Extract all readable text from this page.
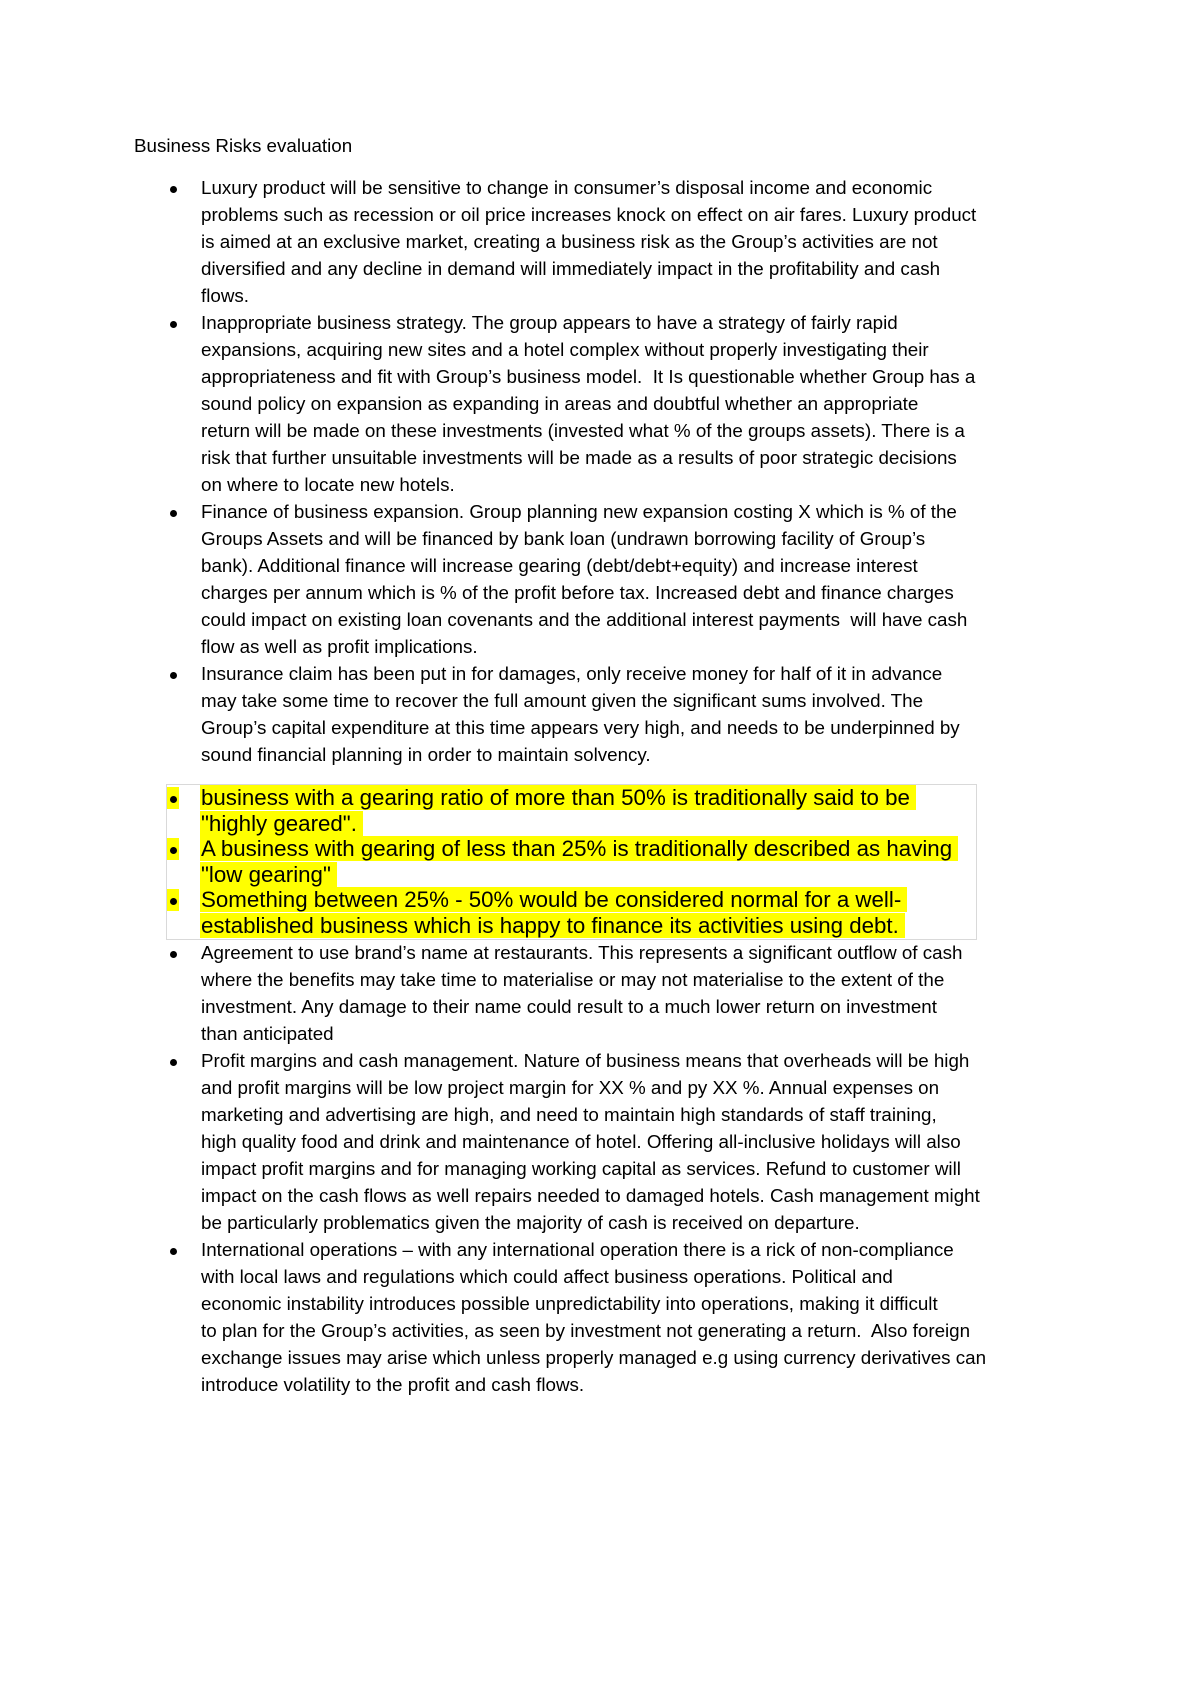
Business Risks evaluation
Luxury product will be sensitive to change in consumer’s disposal income and economic
problems such as recession or oil price increases knock on effect on air fares. Luxury product
is aimed at an exclusive market, creating a business risk as the Group’s activities are not
diversified and any decline in demand will immediately impact in the profitability and cash
flows.
Inappropriate business strategy. The group appears to have a strategy of fairly rapid
expansions, acquiring new sites and a hotel complex without properly investigating their
appropriateness and fit with Group’s business model.  It Is questionable whether Group has a
sound policy on expansion as expanding in areas and doubtful whether an appropriate
return will be made on these investments (invested what % of the groups assets). There is a
risk that further unsuitable investments will be made as a results of poor strategic decisions
on where to locate new hotels.
Finance of business expansion. Group planning new expansion costing X which is % of the
Groups Assets and will be financed by bank loan (undrawn borrowing facility of Group’s
bank). Additional finance will increase gearing (debt/debt+equity) and increase interest
charges per annum which is % of the profit before tax. Increased debt and finance charges
could impact on existing loan covenants and the additional interest payments  will have cash
flow as well as profit implications.
Insurance claim has been put in for damages, only receive money for half of it in advance
may take some time to recover the full amount given the significant sums involved. The
Group’s capital expenditure at this time appears very high, and needs to be underpinned by
sound financial planning in order to maintain solvency.
business with a gearing ratio of more than 50% is traditionally said to be
"highly geared".
A business with gearing of less than 25% is traditionally described as having
"low gearing"
Something between 25% - 50% would be considered normal for a well-
established business which is happy to finance its activities using debt.
Agreement to use brand’s name at restaurants. This represents a significant outflow of cash
where the benefits may take time to materialise or may not materialise to the extent of the
investment. Any damage to their name could result to a much lower return on investment
than anticipated
Profit margins and cash management. Nature of business means that overheads will be high
and profit margins will be low project margin for XX % and py XX %. Annual expenses on
marketing and advertising are high, and need to maintain high standards of staff training,
high quality food and drink and maintenance of hotel. Offering all-inclusive holidays will also
impact profit margins and for managing working capital as services. Refund to customer will
impact on the cash flows as well repairs needed to damaged hotels. Cash management might
be particularly problematics given the majority of cash is received on departure.
International operations – with any international operation there is a rick of non-compliance
with local laws and regulations which could affect business operations. Political and
economic instability introduces possible unpredictability into operations, making it difficult
to plan for the Group’s activities, as seen by investment not generating a return.  Also foreign
exchange issues may arise which unless properly managed e.g using currency derivatives can
introduce volatility to the profit and cash flows.
